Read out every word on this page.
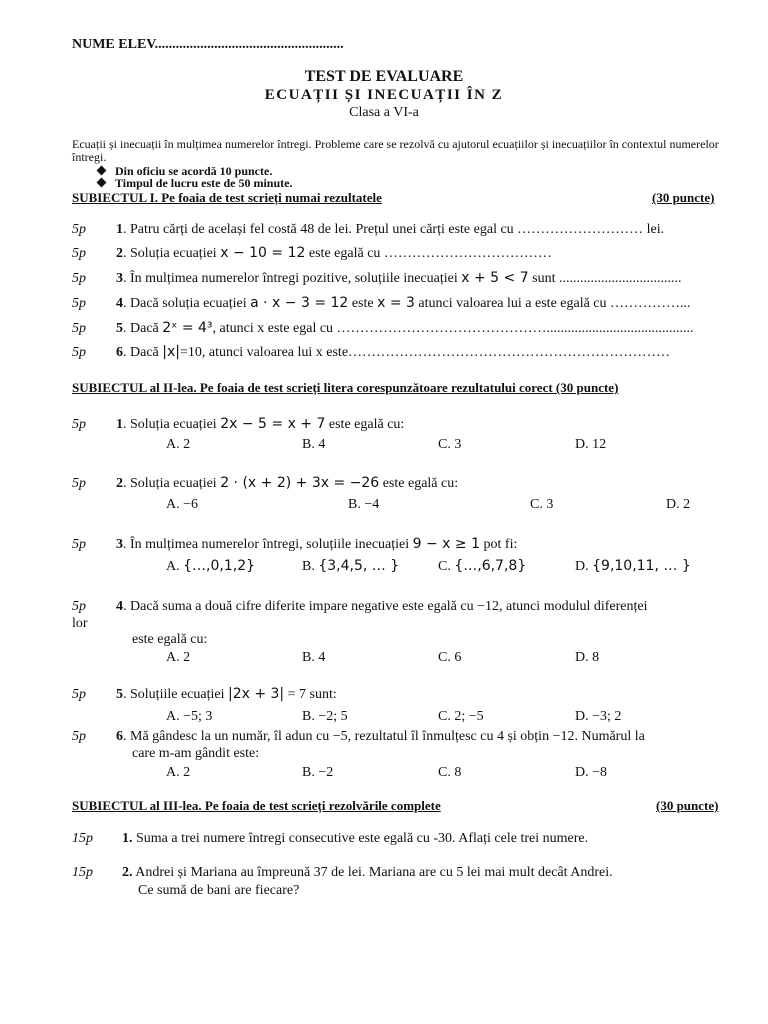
NUME ELEV......................................................
TEST DE EVALUARE
ECUAȚII ȘI INECUAȚII ÎN Z
Clasa a VI-a
Ecuații și inecuații în mulțimea numerelor întregi. Probleme care se rezolvă cu ajutorul ecuațiilor și inecuațiilor în contextul numerelor
întregi.
Din oficiu se acordă 10 puncte.
Timpul de lucru este de 50 minute.
SUBIECTUL I. Pe foaia de test scrieți numai rezultatele	(30 puncte)
5p 1. Patru cărți de același fel costă 48 de lei. Prețul unei cărți este egal cu ……………………… lei.
5p 2. Soluția ecuației x − 10 = 12 este egală cu ………………………………
5p 3. În mulțimea numerelor întregi pozitive, soluțiile inecuației x + 5 < 7 sunt ...................................
5p 4. Dacă soluția ecuației a · x − 3 = 12 este x = 3 atunci valoarea lui a este egală cu ……………...
5p 5. Dacă 2ˣ = 4³, atunci x este egal cu ………………………………………..........................................
5p 6. Dacă |x|=10, atunci valoarea lui x este……………………………………………………………
SUBIECTUL al II-lea. Pe foaia de test scrieți litera corespunzătoare rezultatului corect (30 puncte)
5p 1. Soluția ecuației 2x − 5 = x + 7 este egală cu:
A. 2	B. 4	C. 3	D. 12
5p 2. Soluția ecuației 2 · (x + 2) + 3x = −26 este egală cu:
A. −6	B. −4	C. 3	D. 2
5p 3. În mulțimea numerelor întregi, soluțiile inecuației 9 − x ≥ 1 pot fi:
A. {…,0,1,2}	B. {3,4,5, … }	C. {…,6,7,8}	D. {9,10,11, … }
5p 4. Dacă suma a două cifre diferite impare negative este egală cu −12, atunci modulul diferenței
lor
este egală cu:
A. 2	B. 4	C. 6	D. 8
5p 5. Soluțiile ecuației |2x + 3| = 7 sunt:
A. −5; 3	B. −2; 5	C. 2; −5	D. −3; 2
5p 6. Mă gândesc la un număr, îl adun cu −5, rezultatul îl înmulțesc cu 4 și obțin −12. Numărul la
care m-am gândit este:
A. 2	B. −2	C. 8	D. −8
SUBIECTUL al III-lea. Pe foaia de test scrieți rezolvările complete	(30 puncte)
15p 1. Suma a trei numere întregi consecutive este egală cu -30. Aflați cele trei numere.
15p 2. Andrei și Mariana au împreună 37 de lei. Mariana are cu 5 lei mai mult decât Andrei.
Ce sumă de bani are fiecare?
